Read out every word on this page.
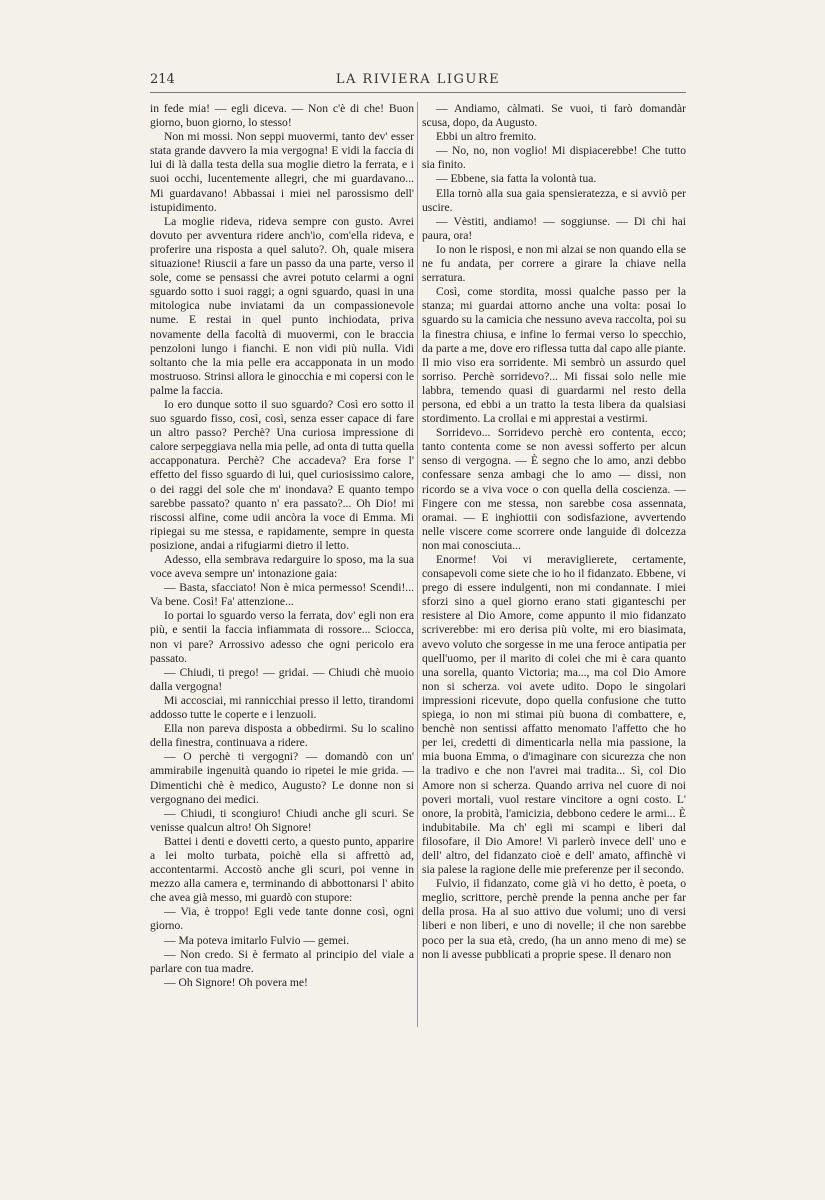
214	LA RIVIERA LIGURE

in fede mia! — egli diceva. — Non c'è di che! Buon giorno, buon giorno, lo stesso!

Non mi mossi. Non seppi muovermi, tanto dev' esser stata grande davvero la mia vergogna! E vidi la faccia di lui di là dalla testa della sua moglie dietro la ferrata, e i suoi occhi, lucentemente allegri, che mi guardavano... Mi guardavano! Abbassai i miei nel parossismo dell' istupidimento.

La moglie rideva, rideva sempre con gusto. Avrei dovuto per avventura ridere anch'io, com'ella rideva, e proferire una risposta a quel saluto?. Oh, quale misera situazione! Riuscii a fare un passo da una parte, verso il sole, come se pensassi che avrei potuto celarmi a ogni sguardo sotto i suoi raggi; a ogni sguardo, quasi in una mitologica nube inviatami da un compassionevole nume. E restai in quel punto inchiodata, priva novamente della facoltà di muovermi, con le braccia penzoloni lungo i fianchi. E non vidi più nulla. Vidi soltanto che la mia pelle era accapponata in un modo mostruoso. Strinsi allora le ginocchia e mi copersi con le palme la faccia.

Io ero dunque sotto il suo sguardo? Così ero sotto il suo sguardo fisso, così, così, senza esser capace di fare un altro passo? Perchè? Una curiosa impressione di calore serpeggiava nella mia pelle, ad onta di tutta quella accapponatura. Perchè? Che accadeva? Era forse l' effetto del fisso sguardo di lui, quel curiosissimo calore, o dei raggi del sole che m' inondava? E quanto tempo sarebbe passato? quanto n' era passato?... Oh Dio! mi riscossi alfine, come udii ancòra la voce di Emma. Mi ripiegai su me stessa, e rapidamente, sempre in questa posizione, andai a rifugiarmi dietro il letto.

Adesso, ella sembrava redarguire lo sposo, ma la sua voce aveva sempre un' intonazione gaia:

— Basta, sfacciato! Non è mica permesso! Scendi!... Va bene. Così! Fa' attenzione...

Io portai lo sguardo verso la ferrata, dov' egli non era più, e sentii la faccia infiammata di rossore... Sciocca, non vi pare? Arrossivo adesso che ogni pericolo era passato.

— Chiudi, ti prego! — gridai. — Chiudi chè muoio dalla vergogna!

Mi accosciai, mi rannicchiai presso il letto, tirandomi addosso tutte le coperte e i lenzuoli.

Ella non pareva disposta a obbedirmi. Su lo scalino della finestra, continuava a ridere.

— O perchè ti vergogni? — domandò con un' ammirabile ingenuità quando io ripetei le mie grida. — Dimentichi chè è medico, Augusto? Le donne non si vergognano dei medici.

— Chiudi, ti scongiuro! Chiudi anche gli scuri. Se venisse qualcun altro! Oh Signore!

Battei i denti e dovetti certo, a questo punto, apparire a lei molto turbata, poichè ella si affrettò ad, accontentarmi. Accostò anche gli scuri, poi venne in mezzo alla camera e, terminando di abbottonarsi l' abito che avea già messo, mi guardò con stupore:

— Via, è troppo! Egli vede tante donne così, ogni giorno.

— Ma poteva imitarlo Fulvio — gemei.

— Non credo. Si è fermato al principio del viale a parlare con tua madre.

— Oh Signore! Oh povera me!

— Andiamo, càlmati. Se vuoi, ti farò domandàr scusa, dopo, da Augusto.

Ebbi un altro fremito.

— No, no, non voglio! Mi dispiacerebbe! Che tutto sia finito.

— Ebbene, sia fatta la volontà tua.

Ella tornò alla sua gaia spensieratezza, e si avviò per uscire.

— Vèstiti, andiamo! — soggiunse. — Di chi hai paura, ora!

Io non le risposi, e non mi alzai se non quando ella se ne fu andata, per correre a girare la chiave nella serratura.

Così, come stordita, mossi qualche passo per la stanza; mi guardai attorno anche una volta: posai lo sguardo su la camicia che nessuno aveva raccolta, poi su la finestra chiusa, e infine lo fermai verso lo specchio, da parte a me, dove ero riflessa tutta dal capo alle piante. Il mio viso era sorridente. Mi sembrò un assurdo quel sorriso. Perchè sorridevo?... Mi fissai solo nelle mie labbra, temendo quasi di guardarmi nel resto della persona, ed ebbi a un tratto la testa libera da qualsiasi stordimento. La crollai e mi apprestai a vestirmi.

Sorridevo... Sorridevo perchè ero contenta, ecco; tanto contenta come se non avessi sofferto per alcun senso di vergogna. — È segno che lo amo, anzi debbo confessare senza ambagi che lo amo — dissi, non ricordo se a viva voce o con quella della coscienza. — Fingere con me stessa, non sarebbe cosa assennata, oramai. — E inghiottii con sodisfazione, avvertendo nelle viscere come scorrere onde languide di dolcezza non mai conosciuta...

Enorme! Voi vi meraviglierete, certamente, consapevoli come siete che io ho il fidanzato. Ebbene, vi prego di essere indulgenti, non mi condannate. I miei sforzi sino a quel giorno erano stati giganteschi per resistere al Dio Amore, come appunto il mio fidanzato scriverebbe: mi ero derisa più volte, mi ero biasimata, avevo voluto che sorgesse in me una feroce antipatia per quell'uomo, per il marito di colei che mi è cara quanto una sorella, quanto Victoria; ma..., ma col Dio Amore non si scherza. voi avete udito. Dopo le singolari impressioni ricevute, dopo quella confusione che tutto spiega, io non mi stimai più buona di combattere, e, benchè non sentissi affatto menomato l'affetto che ho per lei, credetti di dimenticarla nella mia passione, la mia buona Emma, o d'imaginare con sicurezza che non la tradivo e che non l'avrei mai tradita... Sì, col Dio Amore non si scherza. Quando arriva nel cuore di noi poveri mortali, vuol restare vincitore a ogni costo. L' onore, la probità, l'amicizia, debbono cedere le armi... È indubitabile. Ma ch' egli mi scampi e liberi dal filosofare, il Dio Amore! Vi parlerò invece dell' uno e dell' altro, del fidanzato cioè e dell' amato, affinchè vi sia palese la ragione delle mie preferenze per il secondo.

Fulvio, il fidanzato, come già vi ho detto, è poeta, o meglio, scrittore, perchè prende la penna anche per far della prosa. Ha al suo attivo due volumi; uno di versi liberi e non liberi, e uno di novelle; il che non sarebbe poco per la sua età, credo, (ha un anno meno di me) se non li avesse pubblicati a proprie spese. Il denaro non
